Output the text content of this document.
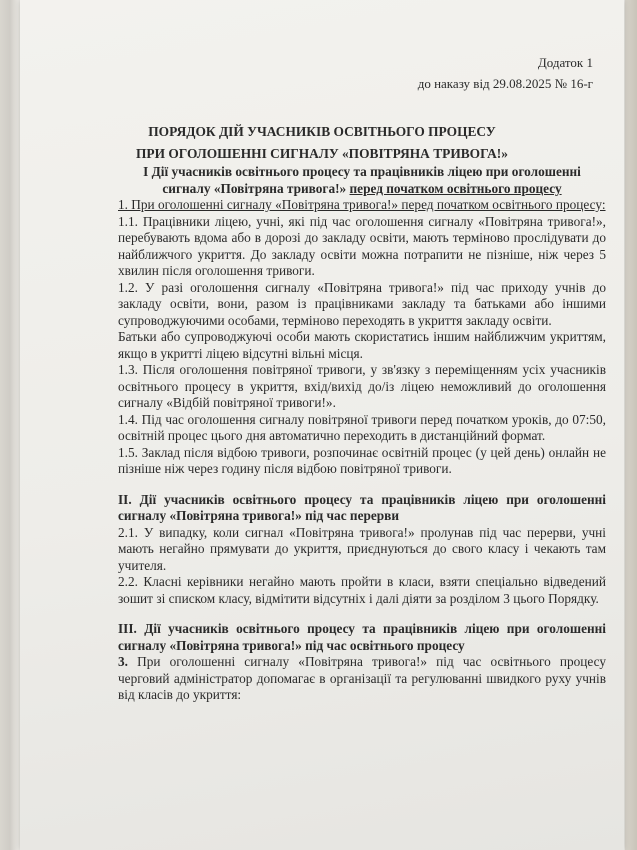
Додаток 1
до наказу від 29.08.2025 № 16-г
ПОРЯДОК ДІЙ УЧАСНИКІВ ОСВІТНЬОГО ПРОЦЕСУ
ПРИ ОГОЛОШЕННІ СИГНАЛУ «ПОВІТРЯНА ТРИВОГА!»

І Дії учасників освітнього процесу та працівників ліцею при оголошенні сигналу «Повітряна тривога!» перед початком освітнього процесу

1. При оголошенні сигналу «Повітряна тривога!» перед початком освітнього процесу:

1.1. Працівники ліцею, учні, які під час оголошення сигналу «Повітряна тривога!», перебувають вдома або в дорозі до закладу освіти, мають терміново прослідувати до найближчого укриття. До закладу освіти можна потрапити не пізніше, ніж через 5 хвилин після оголошення тривоги.

1.2. У разі оголошення сигналу «Повітряна тривога!» під час приходу учнів до закладу освіти, вони, разом із працівниками закладу та батьками або іншими супроводжуючими особами, терміново переходять в укриття закладу освіти.

Батьки або супроводжуючі особи мають скористатись іншим найближчим укриттям, якщо в укритті ліцею відсутні вільні місця.

1.3. Після оголошення повітряної тривоги, у зв'язку з переміщенням усіх учасників освітнього процесу в укриття, вхід/вихід до/із ліцею неможливий до оголошення сигналу «Відбій повітряної тривоги!».

1.4. Під час оголошення сигналу повітряної тривоги перед початком уроків, до 07:50, освітній процес цього дня автоматично переходить в дистанційний формат.

1.5. Заклад після відбою тривоги, розпочинає освітній процес (у цей день) онлайн не пізніше ніж через годину після відбою повітряної тривоги.

ІІ. Дії учасників освітнього процесу та працівників ліцею при оголошенні сигналу «Повітряна тривога!» під час перерви

2.1. У випадку, коли сигнал «Повітряна тривога!» пролунав під час перерви, учні мають негайно прямувати до укриття, приєднуються до свого класу і чекають там учителя.

2.2. Класні керівники негайно мають пройти в класи, взяти спеціально відведений зошит зі списком класу, відмітити відсутніх і далі діяти за розділом 3 цього Порядку.

ІІІ. Дії учасників освітнього процесу та працівників ліцею при оголошенні сигналу «Повітряна тривога!» під час освітнього процесу

3. При оголошенні сигналу «Повітряна тривога!» під час освітнього процесу черговий адміністратор допомагає в організації та регулюванні швидкого руху учнів від класів до укриття:
